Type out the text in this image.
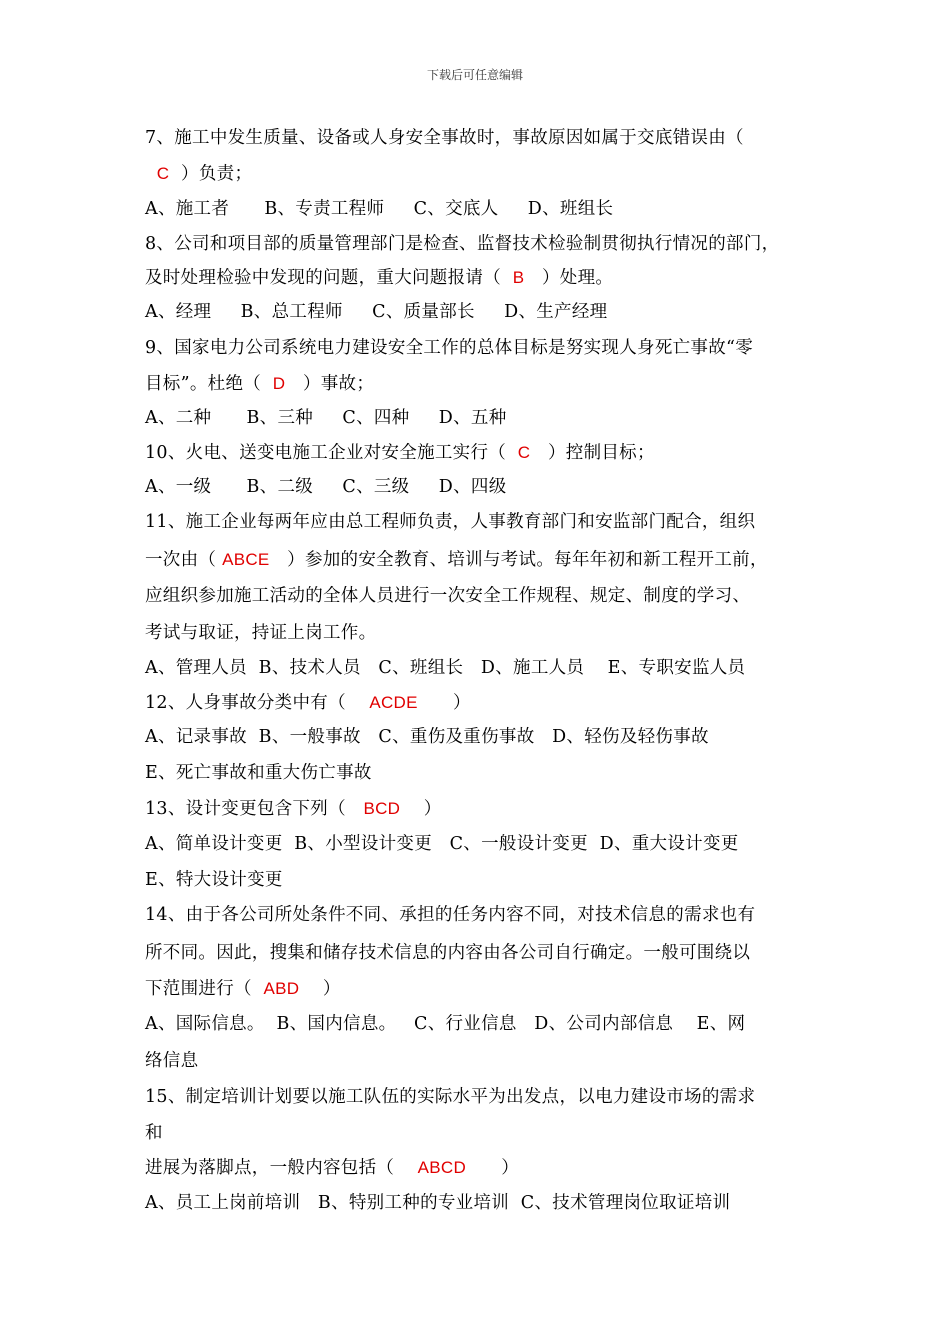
下载后可任意编辑
7、施工中发生质量、设备或人身安全事故时，事故原因如属于交底错误由（
C  ）负责；
A、施工者      B、专责工程师     C、交底人     D、班组长
8、公司和项目部的质量管理部门是检查、监督技术检验制贯彻执行情况的部门，
及时处理检验中发现的问题，重大问题报请（  B   ）处理。
A、经理     B、总工程师     C、质量部长     D、生产经理
9、国家电力公司系统电力建设安全工作的总体目标是努实现人身死亡事故“零
目标”。杜绝（  D   ）事故；
A、二种      B、三种     C、四种     D、五种
10、火电、送变电施工企业对安全施工实行（  C   ）控制目标；
A、一级      B、二级     C、三级     D、四级
11、施工企业每两年应由总工程师负责，人事教育部门和安监部门配合，组织
一次由（ ABCE   ）参加的安全教育、培训与考试。每年年初和新工程开工前，
应组织参加施工活动的全体人员进行一次安全工作规程、规定、制度的学习、
考试与取证，持证上岗工作。
A、管理人员  B、技术人员   C、班组长   D、施工人员    E、专职安监人员
12、人身事故分类中有（    ACDE      ）
A、记录事故  B、一般事故   C、重伤及重伤事故   D、轻伤及轻伤事故
E、死亡事故和重大伤亡事故
13、设计变更包含下列（   BCD    ）
A、简单设计变更  B、小型设计变更   C、一般设计变更  D、重大设计变更
E、特大设计变更
14、由于各公司所处条件不同、承担的任务内容不同，对技术信息的需求也有
所不同。因此，搜集和储存技术信息的内容由各公司自行确定。一般可围绕以
下范围进行（  ABD    ）
A、国际信息。  B、国内信息。   C、行业信息   D、公司内部信息    E、网
络信息
15、制定培训计划要以施工队伍的实际水平为出发点，以电力建设市场的需求
和
进展为落脚点，一般内容包括（    ABCD      ）
A、员工上岗前培训   B、特别工种的专业培训  C、技术管理岗位取证培训
